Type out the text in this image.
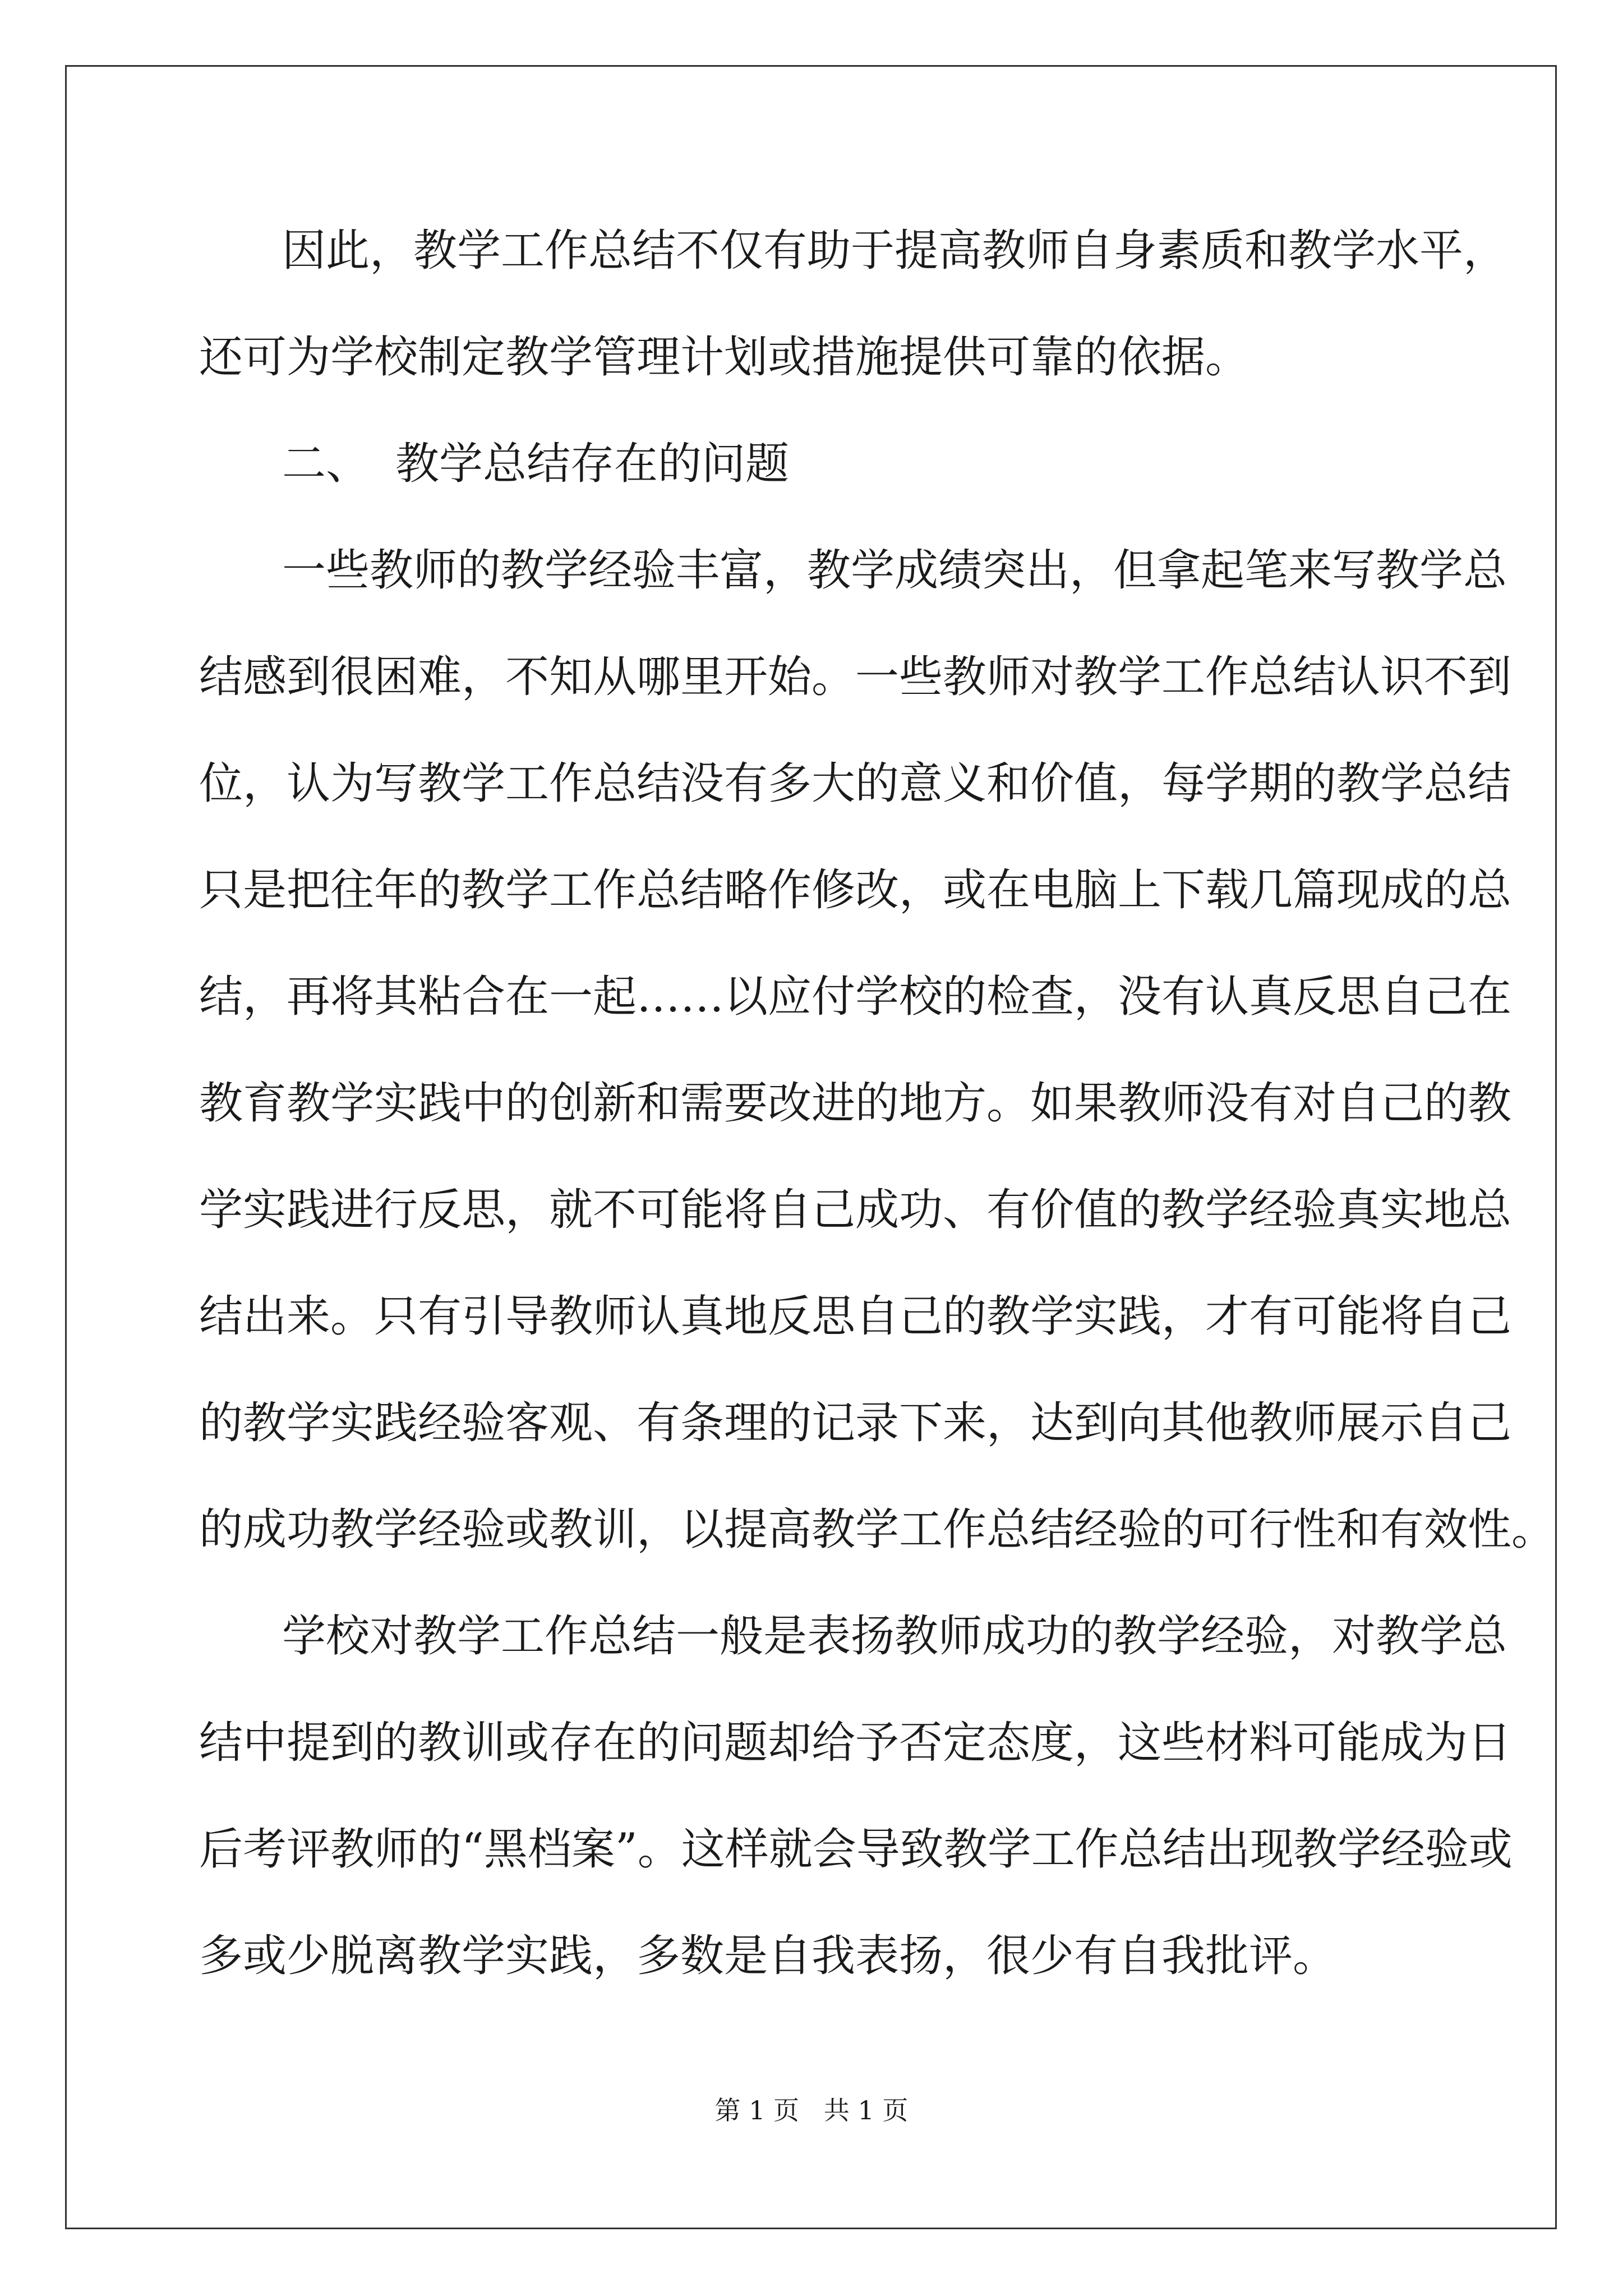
因此，教学工作总结不仅有助于提高教师自身素质和教学水平，
还可为学校制定教学管理计划或措施提供可靠的依据。
二、 教学总结存在的问题
一些教师的教学经验丰富，教学成绩突出，但拿起笔来写教学总
结感到很困难，不知从哪里开始。一些教师对教学工作总结认识不到
位，认为写教学工作总结没有多大的意义和价值，每学期的教学总结
只是把往年的教学工作总结略作修改，或在电脑上下载几篇现成的总
结，再将其粘合在一起……以应付学校的检查，没有认真反思自己在
教育教学实践中的创新和需要改进的地方。如果教师没有对自己的教
学实践进行反思，就不可能将自己成功、有价值的教学经验真实地总
结出来。只有引导教师认真地反思自己的教学实践，才有可能将自己
的教学实践经验客观、有条理的记录下来，达到向其他教师展示自己
的成功教学经验或教训，以提高教学工作总结经验的可行性和有效性。
学校对教学工作总结一般是表扬教师成功的教学经验，对教学总
结中提到的教训或存在的问题却给予否定态度，这些材料可能成为日
后考评教师的“黑档案”。这样就会导致教学工作总结出现教学经验或
多或少脱离教学实践，多数是自我表扬，很少有自我批评。
第 1 页   共 1 页
